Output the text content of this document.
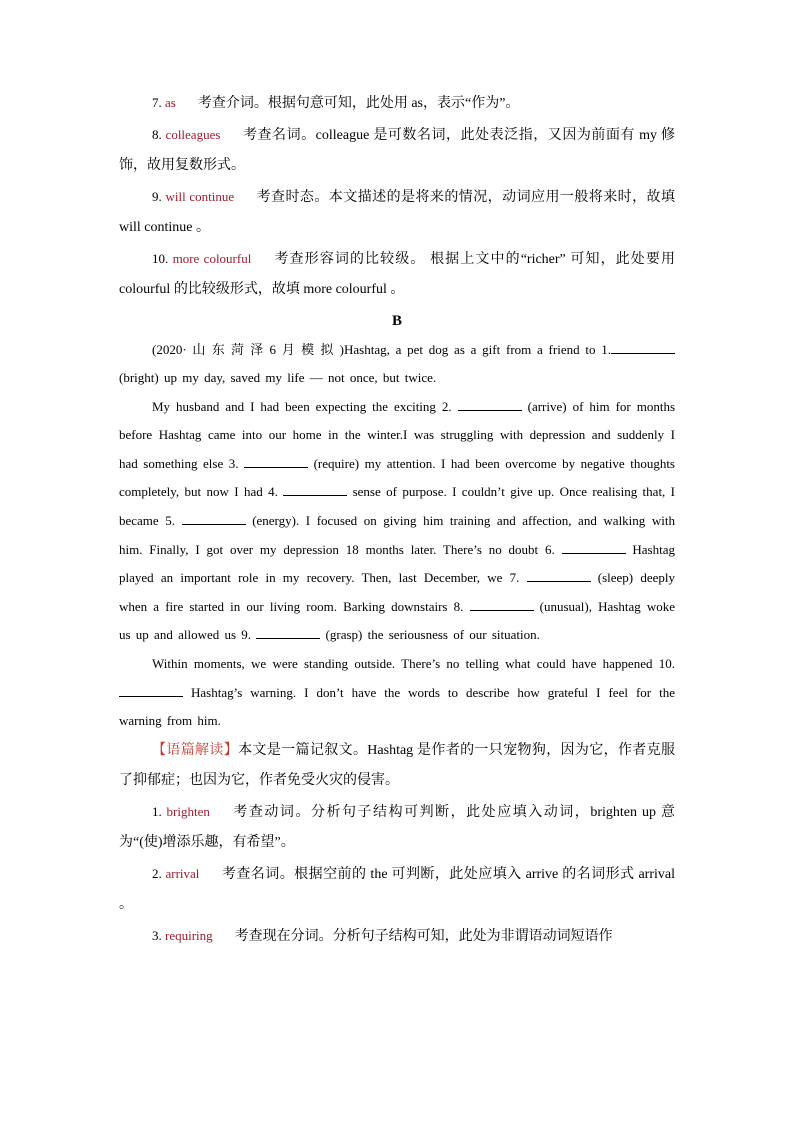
7. as 考查介词。根据句意可知，此处用 as，表示“作为”。
8. colleagues 考查名词。colleague 是可数名词，此处表泛指，又因为前面有 my 修饰，故用复数形式。
9. will continue 考查时态。本文描述的是将来的情况，动词应用一般将来时，故填 will continue 。
10. more colourful 考查形容词的比较级。 根据上文中的“richer” 可知，此处要用 colourful 的比较级形式，故填 more colourful 。
B
(2020· 山 东 菏 泽 6 月 模 拟 )Hashtag, a pet dog as a gift from a friend to 1. (bright) up my day, saved my life — not once, but twice.
My husband and I had been expecting the exciting 2.	(arrive) of him for months before Hashtag came into our home in the winter.I was struggling with depression and suddenly I had something else 3.	(require) my attention. I had been overcome by negative thoughts completely, but now I had 4.	sense of purpose. I couldn’t give up. Once realising that, I became 5.	(energy). I focused on giving him training and affection, and walking with him. Finally, I got over my depression 18 months later. There’s no doubt 6.	Hashtag played an important role in my recovery. Then, last December, we 7.	(sleep) deeply when a fire started in our living room. Barking downstairs 8.	(unusual), Hashtag woke us up and allowed us 9.	(grasp) the seriousness of our situation.
Within moments, we were standing outside. There’s no telling what could have happened 10.  Hashtag’s warning. I don’t have the words to describe how grateful I feel for the warning from him.
【语篇解读】本文是一篇记叙文。Hashtag 是作者的一只宠物狗，因为它，作者克服了抑郁症；也因为它，作者免受火灾的侵害。
1. brighten 考查动词。分析句子结构可判断，此处应填入动词，brighten up 意为“(使)增添乐趣，有希望”。
2. arrival 考查名词。根据空前的 the 可判断，此处应填入 arrive 的名词形式 arrival 。
3. requiring 考查现在分词。分析句子结构可知，此处为非谓语动词短语作
